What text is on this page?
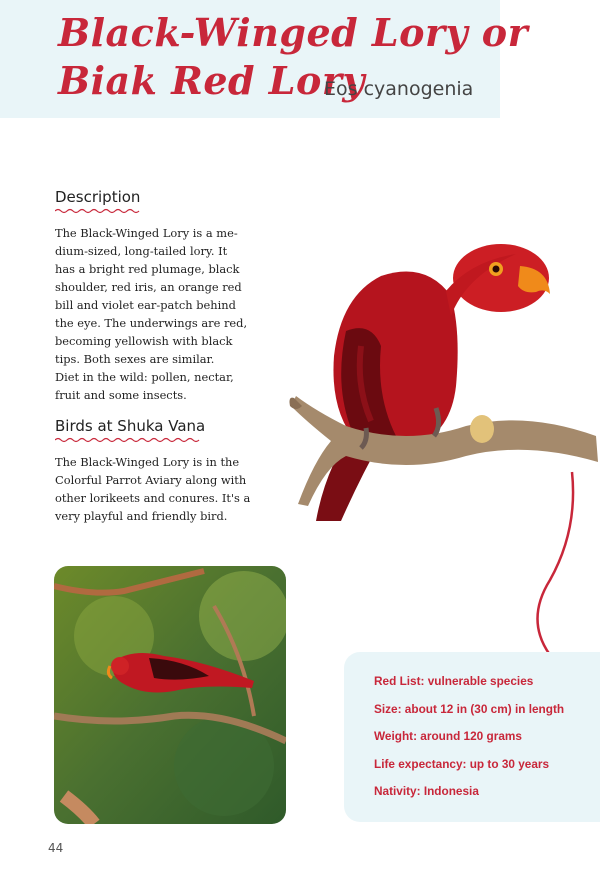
Black-Winged Lory or
Biak Red Lory
Eos cyanogenia
Description
The Black-Winged Lory is a me-
dium-sized, long-tailed lory. It
has a bright red plumage, black
shoulder, red iris, an orange red
bill and violet ear-patch behind
the eye. The underwings are red,
becoming yellowish with black
tips. Both sexes are similar.
Diet in the wild: pollen, nectar,
fruit and some insects.
Birds at Shuka Vana
The Black-Winged Lory is in the
Colorful Parrot Aviary along with
other lorikeets and conures. It's a
very playful and friendly bird.
Red List: vulnerable species
Size: about 12 in (30 cm) in length
Weight: around 120 grams
Life expectancy: up to 30 years
Nativity: Indonesia
44
